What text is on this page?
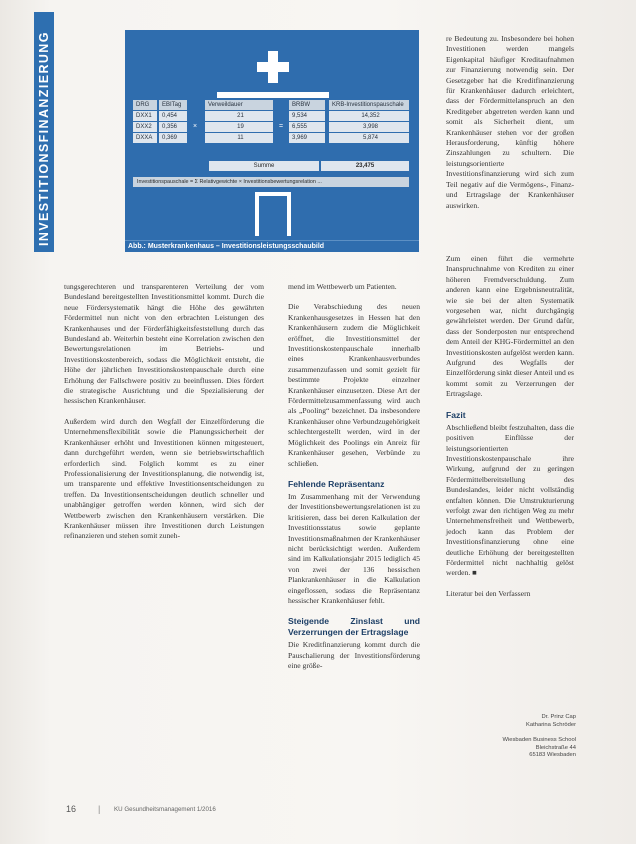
INVESTITIONSFINANZIERUNG	DRG	EBITag	Verweildauer	BRBW	KRB-Investitionspauschale
DXX1	0,454	21	9,534	14,352
DXX2	0,356	×	19	=	6,555	3,998
DXXA	0,369	11	3,969	5,874
Summe	23,475
Investitionspauschale = Σ Relativgewichte × Investitionsbewertungsrelation ...
Abb.: Musterkrankenhaus – Investitionsleistungsschaubild

tungsgerechteren und transparenteren Verteilung der vom Bundesland bereitgestellten Investitionsmittel kommt. Durch die neue Fördersystematik hängt die Höhe des gewährten Fördermittel nun nicht von den erbrachten Leistungen des Krankenhauses und der Förderfähigkeitsfeststellung durch das Bundesland ab. Weiterhin besteht eine Korrelation zwischen den Bewertungsrelationen im Betriebs- und Investitionskostenbereich, sodass die Möglichkeit entsteht, die Höhe der jährlichen Investitionskostenpauschale durch eine Erhöhung der Fallschwere positiv zu beeinflussen. Dies fördert die strategische Ausrichtung und die Spezialisierung der hessischen Krankenhäuser.

Außerdem wird durch den Wegfall der Einzelförderung die Unternehmensflexibilität sowie die Planungssicherheit der Krankenhäuser erhöht und Investitionen können mitgesteuert, dann durchgeführt werden, wenn sie betriebswirtschaftlich erforderlich sind. Folglich kommt es zu einer Professionalisierung der Investitionsplanung, die notwendig ist, um transparente und effektive Investitionsentscheidungen zu treffen. Da Investitionsentscheidungen deutlich schneller und unabhängiger getroffen werden können, wird sich der Wettbewerb zwischen den Krankenhäusern verstärken. Die Krankenhäuser müssen ihre Investitionen durch Leistungen refinanzieren und stehen somit zuneh-

mend im Wettbewerb um Patienten.

Die Verabschiedung des neuen Krankenhausgesetzes in Hessen hat den Krankenhäusern zudem die Möglichkeit eröffnet, die Investitionsmittel der Investitionskostenpauschale innerhalb eines Krankenhausverbundes zusammenzufassen und somit gezielt für bestimmte Projekte einzelner Krankenhäuser einzusetzen. Diese Art der Fördermittelzusammenfassung wird auch als „Pooling“ bezeichnet. Da insbesondere Krankenhäuser ohne Verbundzugehörigkeit schlechtergestellt werden, wird in der Möglichkeit des Poolings ein Anreiz für Krankenhäuser gesehen, Verbünde zu schließen.

Fehlende Repräsentanz

Im Zusammenhang mit der Verwendung der Investitionsbewertungsrelationen ist zu kritisieren, dass bei deren Kalkulation der Investitionsstatus sowie geplante Investitionsmaßnahmen der Krankenhäuser nicht berücksichtigt werden. Außerdem sind im Kalkulationsjahr 2015 lediglich 45 von zwei der 136 hessischen Plankrankenhäuser in die Kalkulation eingeflossen, sodass die Repräsentanz hessischer Krankenhäuser fehlt.

Steigende Zinslast und Verzerrungen der Ertragslage

Die Kreditfinanzierung kommt durch die Pauschalierung der Investitionsförderung eine größe-

re Bedeutung zu. Insbesondere bei hohen Investitionen werden mangels Eigenkapital häufiger Kreditaufnahmen zur Finanzierung notwendig sein. Der Gesetzgeber hat die Kreditfinanzierung für Krankenhäuser dadurch erleichtert, dass der Fördermittelanspruch an den Kreditgeber abgetreten werden kann und somit als Sicherheit dient, um Krankenhäuser stehen vor der großen Herausforderung, künftig höhere Zinszahlungen zu schultern. Die leistungsorientierte Investitionsfinanzierung wird sich zum Teil negativ auf die Vermögens-, Finanz- und Ertragslage der Krankenhäuser auswirken.

Zum einen führt die vermehrte Inanspruchnahme von Krediten zu einer höheren Fremdverschuldung. Zum anderen kann eine Ergebnisneutralität, wie sie bei der alten Systematik vorgesehen war, nicht durchgängig gewährleistet werden. Der Grund dafür, dass der Sonderposten nur entsprechend dem Anteil der KHG-Fördermittel an den Investitionskosten aufgelöst werden kann. Aufgrund des Wegfalls der Einzelförderung sinkt dieser Anteil und es kommt somit zu Verzerrungen der Ertragslage.

Fazit

Abschließend bleibt festzuhalten, dass die positiven Einflüsse der leistungsorientierten Investitionskostenpauschale ihre Wirkung, aufgrund der zu geringen Fördermittelbereitstellung des Bundeslandes, leider nicht vollständig entfalten können. Die Umstrukturierung verfolgt zwar den richtigen Weg zu mehr Unternehmensfreiheit und Wettbewerb, jedoch kann das Problem der Investitionsfinanzierung ohne eine deutliche Erhöhung der bereitgestellten Fördermittel nicht nachhaltig gelöst werden. ■

Literatur bei den Verfassern

Dr. Prinz Cap
Katharina Schröder
Wiesbaden Business School
Bleichstraße 44
65183 Wiesbaden
16 | KU Gesundheitsmanagement 1/2016
